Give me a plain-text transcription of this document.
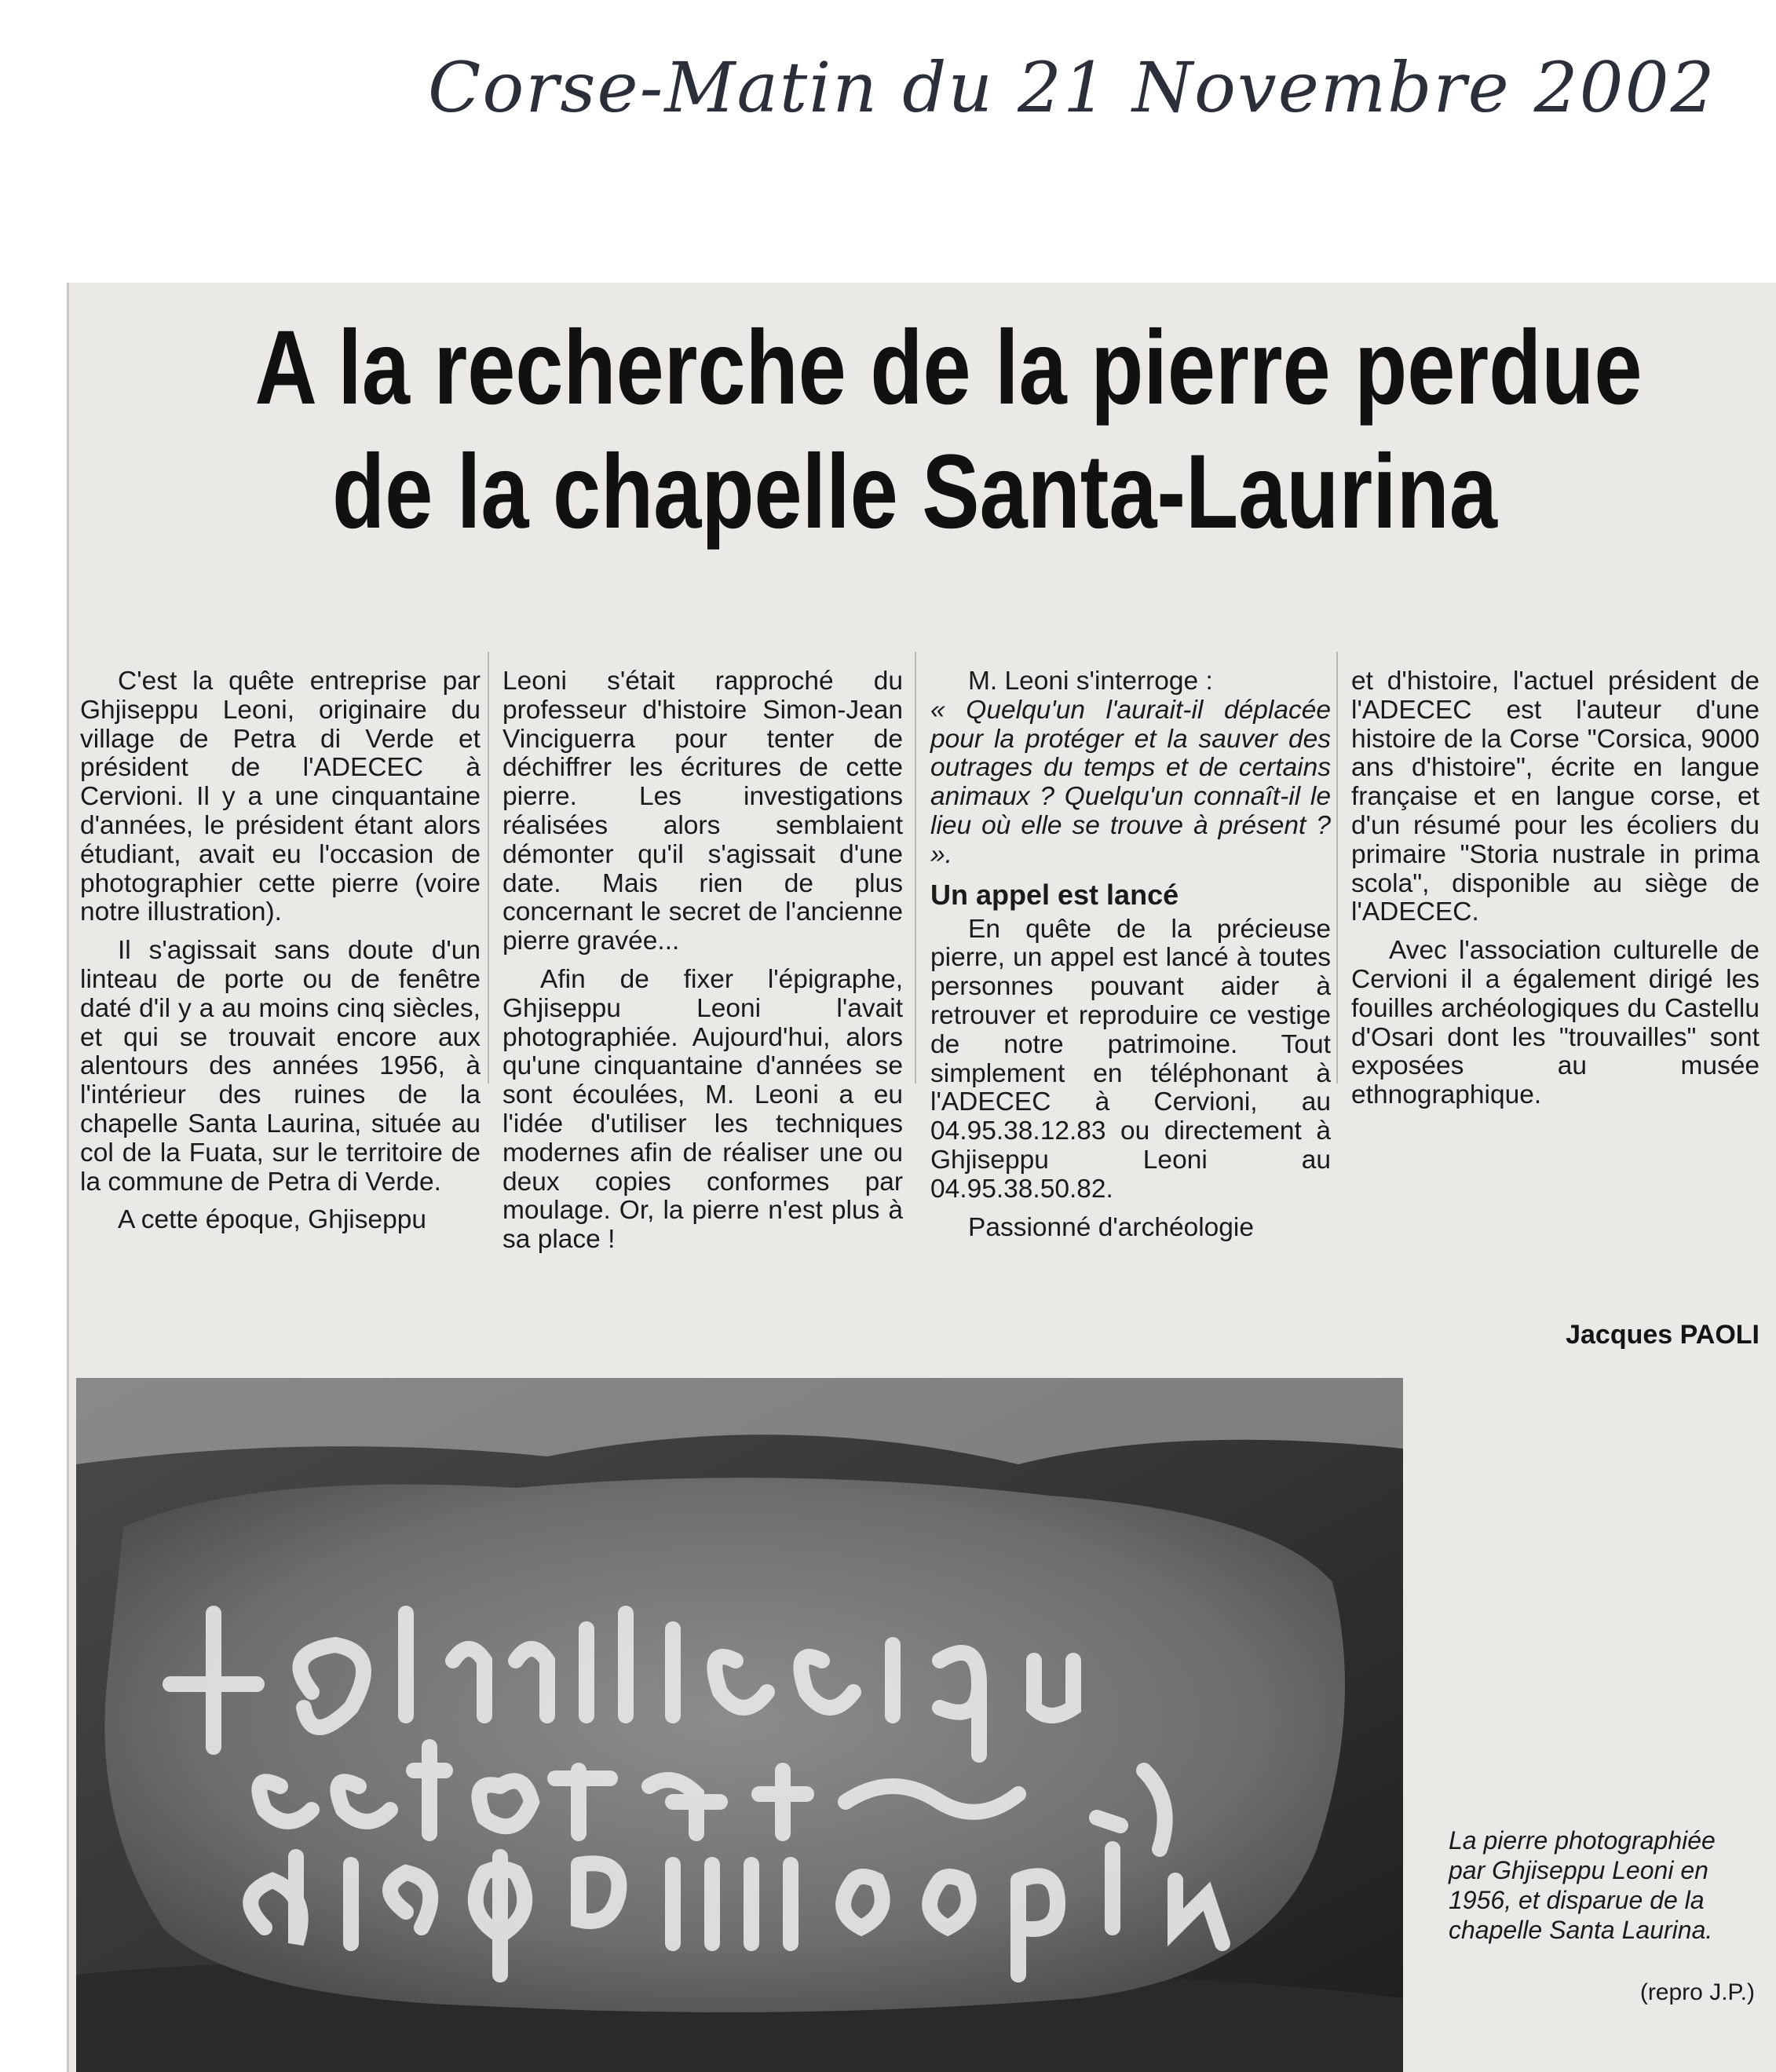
Corse-Matin du 21 Novembre 2002
A la recherche de la pierre perdue
de la chapelle Santa-Laurina

C'est la quête entreprise par Ghjiseppu Leoni, originaire du village de Petra di Verde et président de l'ADECEC à Cervioni. Il y a une cinquantaine d'années, le président étant alors étudiant, avait eu l'occasion de photographier cette pierre (voire notre illustration).

Il s'agissait sans doute d'un linteau de porte ou de fenêtre daté d'il y a au moins cinq siècles, et qui se trouvait encore aux alentours des années 1956, à l'intérieur des ruines de la chapelle Santa Laurina, située au col de la Fuata, sur le territoire de la commune de Petra di Verde.

A cette époque, Ghjiseppu

Leoni s'était rapproché du professeur d'histoire Simon-Jean Vinciguerra pour tenter de déchiffrer les écritures de cette pierre. Les investigations réalisées alors semblaient démonter qu'il s'agissait d'une date. Mais rien de plus concernant le secret de l'ancienne pierre gravée...

Afin de fixer l'épigraphe, Ghjiseppu Leoni l'avait photographiée. Aujourd'hui, alors qu'une cinquantaine d'années se sont écoulées, M. Leoni a eu l'idée d'utiliser les techniques modernes afin de réaliser une ou deux copies conformes par moulage. Or, la pierre n'est plus à sa place !

M. Leoni s'interroge :

« Quelqu'un l'aurait-il déplacée pour la protéger et la sauver des outrages du temps et de certains animaux ? Quelqu'un connaît-il le lieu où elle se trouve à présent ? ».

Un appel est lancé

En quête de la précieuse pierre, un appel est lancé à toutes personnes pouvant aider à retrouver et reproduire ce vestige de notre patrimoine. Tout simplement en téléphonant à l'ADECEC à Cervioni, au 04.95.38.12.83 ou directement à Ghjiseppu Leoni au 04.95.38.50.82.

Passionné d'archéologie

et d'histoire, l'actuel président de l'ADECEC est l'auteur d'une histoire de la Corse "Corsica, 9000 ans d'histoire", écrite en langue française et en langue corse, et d'un résumé pour les écoliers du primaire "Storia nustrale in prima scola", disponible au siège de l'ADECEC.

Avec l'association culturelle de Cervioni il a également dirigé les fouilles archéologiques du Castellu d'Osari dont les "trouvailles" sont exposées au musée ethnographique.

Jacques PAOLI
La pierre photographiée par Ghjiseppu Leoni en 1956, et disparue de la chapelle Santa Laurina.
(repro J.P.)
